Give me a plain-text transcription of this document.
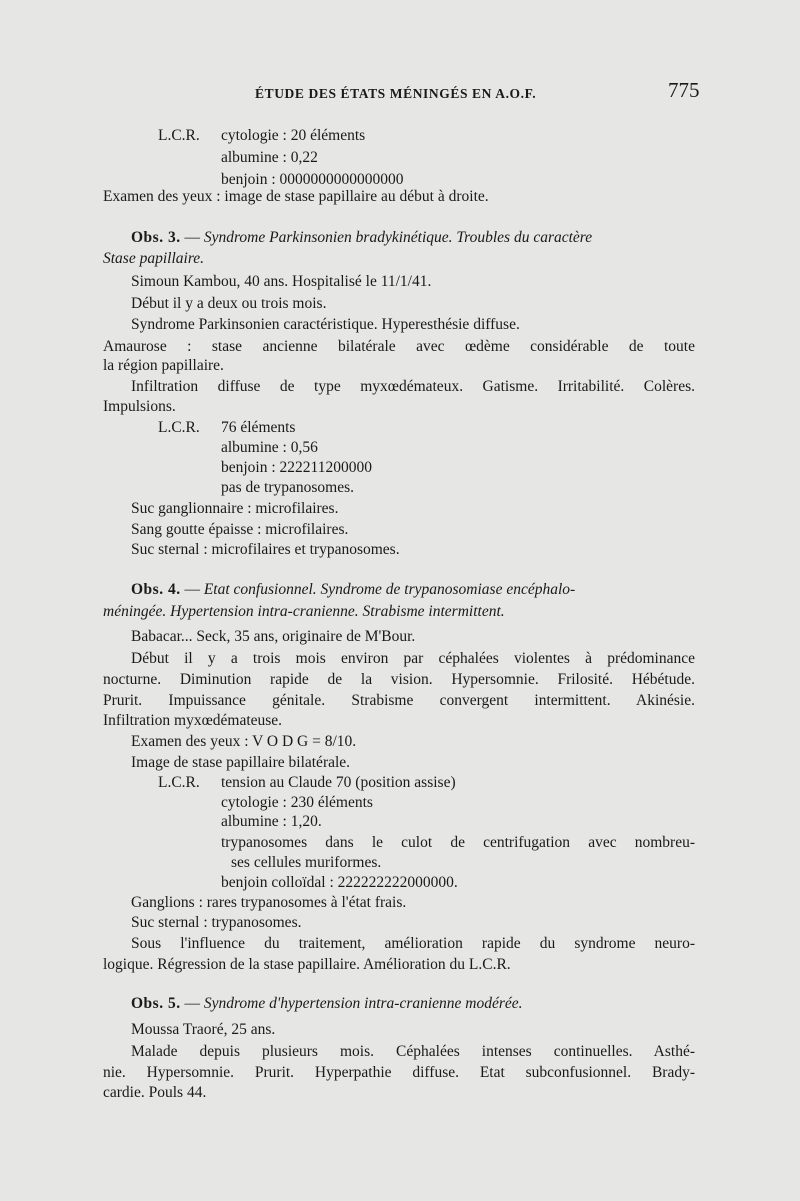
ÉTUDE DES ÉTATS MÉNINGÉS EN A.O.F.	775
L.C.R. cytologie : 20 éléments
albumine : 0,22
benjoin : 0000000000000000
Examen des yeux : image de stase papillaire au début à droite.
Obs. 3. — Syndrome Parkinsonien bradykinétique. Troubles du caractère
Stase papillaire.
Simoun Kambou, 40 ans. Hospitalisé le 11/1/41.
Début il y a deux ou trois mois.
Syndrome Parkinsonien caractéristique. Hyperesthésie diffuse.
Amaurose : stase ancienne bilatérale avec œdème considérable de toute
la région papillaire.
Infiltration diffuse de type myxœdémateux. Gatisme. Irritabilité. Colères.
Impulsions.
L.C.R. 76 éléments
albumine : 0,56
benjoin : 222211200000
pas de trypanosomes.
Suc ganglionnaire : microfilaires.
Sang goutte épaisse : microfilaires.
Suc sternal : microfilaires et trypanosomes.
Obs. 4. — Etat confusionnel. Syndrome de trypanosomiase encéphalo-
méningée. Hypertension intra-cranienne. Strabisme intermittent.
Babacar... Seck, 35 ans, originaire de M'Bour.
Début il y a trois mois environ par céphalées violentes à prédominance
nocturne. Diminution rapide de la vision. Hypersomnie. Frilosité. Hébétude.
Prurit. Impuissance génitale. Strabisme convergent intermittent. Akinésie.
Infiltration myxœdémateuse.
Examen des yeux : V O D G = 8/10.
Image de stase papillaire bilatérale.
L.C.R. tension au Claude 70 (position assise)
cytologie : 230 éléments
albumine : 1,20.
trypanosomes dans le culot de centrifugation avec nombreu-
ses cellules muriformes.
benjoin colloïdal : 222222222000000.
Ganglions : rares trypanosomes à l'état frais.
Suc sternal : trypanosomes.
Sous l'influence du traitement, amélioration rapide du syndrome neuro-
logique. Régression de la stase papillaire. Amélioration du L.C.R.
Obs. 5. — Syndrome d'hypertension intra-cranienne modérée.
Moussa Traoré, 25 ans.
Malade depuis plusieurs mois. Céphalées intenses continuelles. Asthé-
nie. Hypersomnie. Prurit. Hyperpathie diffuse. Etat subconfusionnel. Brady-
cardie. Pouls 44.
